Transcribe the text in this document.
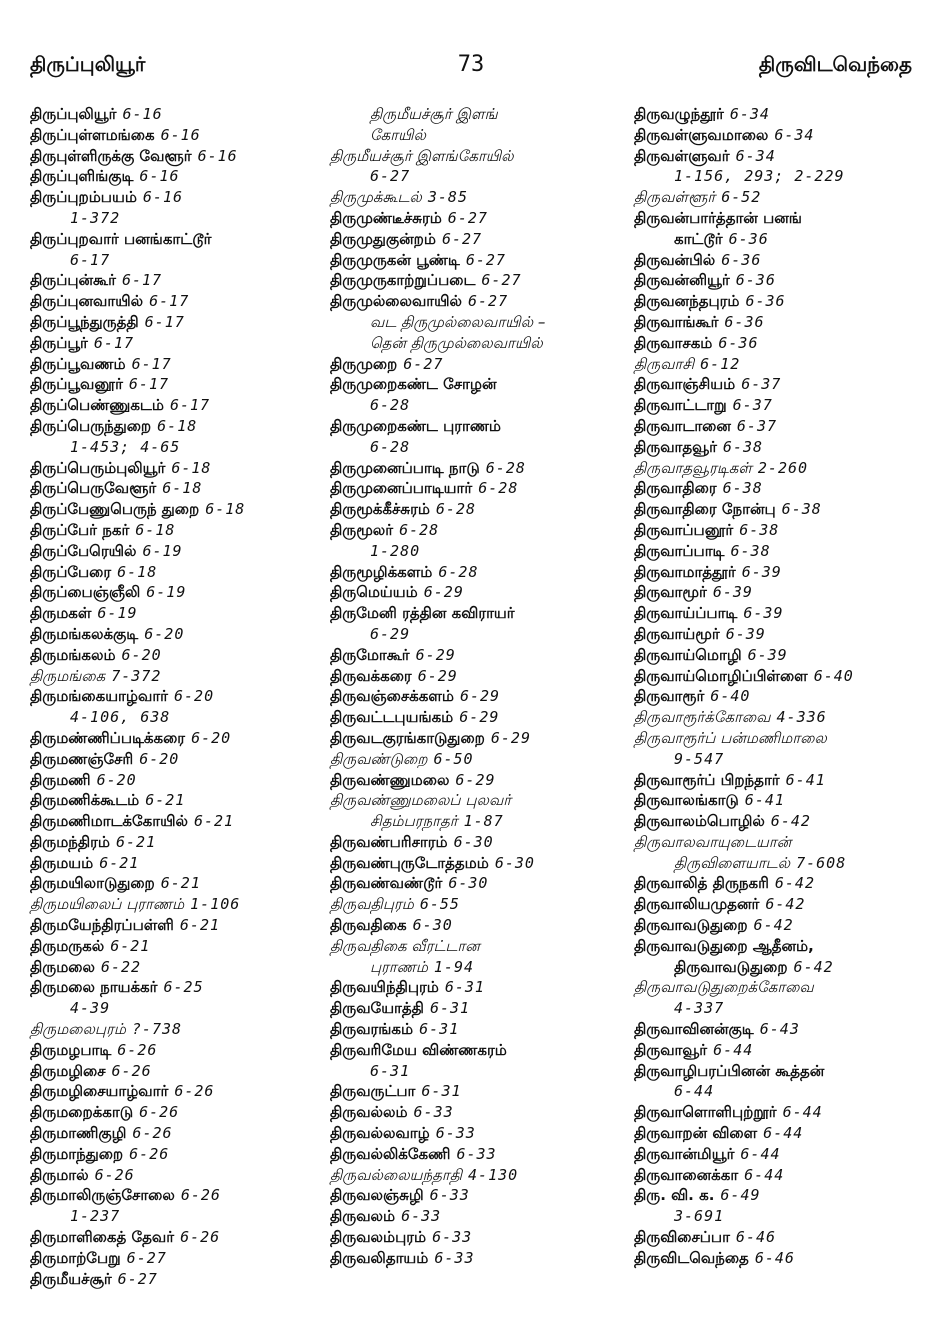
திருப்புலியூர்	73	திருவிடவெந்தை
திருப்புலியூர் 6-16
திருப்புள்ளமங்கை 6-16
திருபுள்ளிருக்கு வேளூர் 6-16
திருப்புளிங்குடி 6-16
திருப்புறம்பயம் 6-16
1-372
திருப்புறவார் பனங்காட்டூர்
6-17
திருப்புன்கூர் 6-17
திருப்புனவாயில் 6-17
திருப்பூந்துருத்தி 6-17
திருப்பூர் 6-17
திருப்பூவணம் 6-17
திருப்பூவனூர் 6-17
திருப்பெண்ணுகடம் 6-17
திருப்பெருந்துறை 6-18
1-453; 4-65
திருப்பெரும்புலியூர் 6-18
திருப்பெருவேளூர் 6-18
திருப்பேணுபெருந் துறை 6-18
திருப்பேர் நகர் 6-18
திருப்பேரெயில் 6-19
திருப்பேரை 6-18
திருப்பைஞ்ஞீலி 6-19
திருமகள் 6-19
திருமங்கலக்குடி 6-20
திருமங்கலம் 6-20
திருமங்கை 7-372
திருமங்கையாழ்வார் 6-20
4-106, 638
திருமண்ணிப்படிக்கரை 6-20
திருமணஞ்சேரி 6-20
திருமணி 6-20
திருமணிக்கூடம் 6-21
திருமணிமாடக்கோயில் 6-21
திருமந்திரம் 6-21
திருமயம் 6-21
திருமயிலாடுதுறை 6-21
திருமயிலைப் புராணம் 1-106
திருமயேந்திரப்பள்ளி 6-21
திருமருகல் 6-21
திருமலை 6-22
திருமலை நாயக்கர் 6-25
4-39
திருமலைபுரம் ?-738
திருமழபாடி 6-26
திருமழிசை 6-26
திருமழிசையாழ்வார் 6-26
திருமறைக்காடு 6-26
திருமாணிகுழி 6-26
திருமாந்துறை 6-26
திருமால் 6-26
திருமாலிருஞ்சோலை 6-26
1-237
திருமாளிகைத் தேவர் 6-26
திருமாற்பேறு 6-27
திருமீயச்சூர் 6-27
திருமீயச்சூர் இளங்
கோயில்
திருமீயச்சூர் இளங்கோயில்
6-27
திருமுக்கூடல் 3-85
திருமுண்டீச்சுரம் 6-27
திருமுதுகுன்றம் 6-27
திருமுருகன் பூண்டி 6-27
திருமுருகாற்றுப்படை 6-27
திருமுல்லைவாயில் 6-27
வட திருமுல்லைவாயில் –
தென் திருமுல்லைவாயில்
திருமுறை 6-27
திருமுறைகண்ட சோழன்
6-28
திருமுறைகண்ட புராணம்
6-28
திருமுனைப்பாடி நாடு 6-28
திருமுனைப்பாடியார் 6-28
திருமூக்கீச்சுரம் 6-28
திருமூலர் 6-28
1-280
திருமூழிக்களம் 6-28
திருமெய்யம் 6-29
திருமேனி ரத்தின கவிராயர்
6-29
திருமோகூர் 6-29
திருவக்கரை 6-29
திருவஞ்சைக்களம் 6-29
திருவட்டபுயங்கம் 6-29
திருவடகுரங்காடுதுறை 6-29
திருவண்டுறை 6-50
திருவண்ணுமலை 6-29
திருவண்ணுமலைப் புலவர்
சிதம்பரநாதர் 1-87
திருவண்பரிசாரம் 6-30
திருவண்புருடோத்தமம் 6-30
திருவண்வண்டூர் 6-30
திருவதிபுரம் 6-55
திருவதிகை 6-30
திருவதிகை வீரட்டான
புராணம் 1-94
திருவயிந்திபுரம் 6-31
திருவயோத்தி 6-31
திருவரங்கம் 6-31
திருவரிமேய விண்ணகரம்
6-31
திருவருட்பா 6-31
திருவல்லம் 6-33
திருவல்லவாழ் 6-33
திருவல்லிக்கேணி 6-33
திருவல்லையந்தாதி 4-130
திருவலஞ்சுழி 6-33
திருவலம் 6-33
திருவலம்புரம் 6-33
திருவலிதாயம் 6-33
திருவழுந்தூர் 6-34
திருவள்ளுவமாலை 6-34
திருவள்ளுவர் 6-34
1-156, 293; 2-229
திருவள்ளூர் 6-52
திருவன்பார்த்தான் பனங்
காட்டூர் 6-36
திருவன்பில் 6-36
திருவன்னியூர் 6-36
திருவனந்தபுரம் 6-36
திருவாங்கூர் 6-36
திருவாசகம் 6-36
திருவாசி 6-12
திருவாஞ்சியம் 6-37
திருவாட்டாறு 6-37
திருவாடானை 6-37
திருவாதவூர் 6-38
திருவாதவூரடிகள் 2-260
திருவாதிரை 6-38
திருவாதிரை நோன்பு 6-38
திருவாப்பனூர் 6-38
திருவாப்பாடி 6-38
திருவாமாத்தூர் 6-39
திருவாமூர் 6-39
திருவாய்ப்பாடி 6-39
திருவாய்மூர் 6-39
திருவாய்மொழி 6-39
திருவாய்மொழிப்பிள்ளை 6-40
திருவாரூர் 6-40
திருவாரூர்க்கோவை 4-336
திருவாரூர்ப் பன்மணிமாலை
9-547
திருவாரூர்ப் பிறந்தார் 6-41
திருவாலங்காடு 6-41
திருவாலம்பொழில் 6-42
திருவாலவாயுடையான்
திருவிளையாடல் 7-608
திருவாலித் திருநகரி 6-42
திருவாலியமுதனர் 6-42
திருவாவடுதுறை 6-42
திருவாவடுதுறை ஆதீனம்,
திருவாவடுதுறை 6-42
திருவாவடுதுறைக்கோவை
4-337
திருவாவினன்குடி 6-43
திருவாவூர் 6-44
திருவாழிபரப்பினன் கூத்தன்
6-44
திருவாளொளிபுற்றூர் 6-44
திருவாறன் விளை 6-44
திருவான்மியூர் 6-44
திருவானைக்கா 6-44
திரு. வி. க. 6-49
3-691
திருவிசைப்பா 6-46
திருவிடவெந்தை 6-46
